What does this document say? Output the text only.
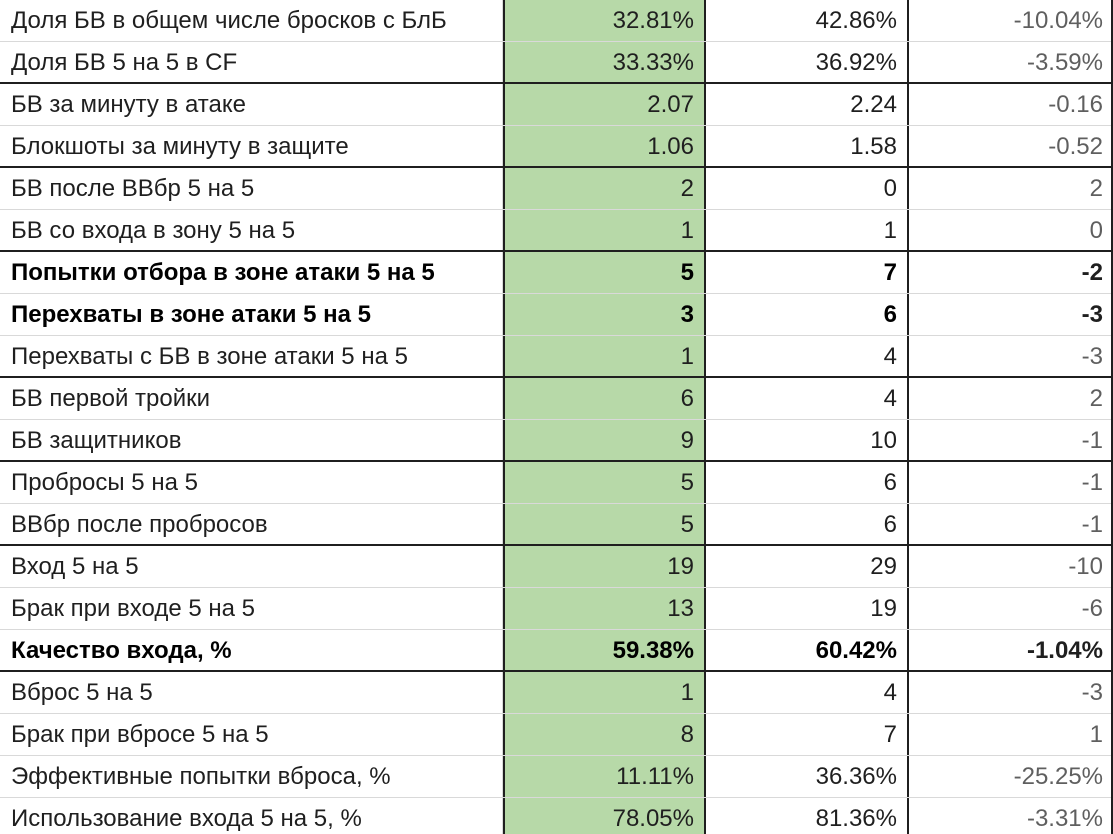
Доля БВ в общем числе бросков с БлБ	32.81%	42.86%	-10.04%
Доля БВ 5 на 5 в CF	33.33%	36.92%	-3.59%
БВ за минуту в атаке	2.07	2.24	-0.16
Блокшоты за минуту в защите	1.06	1.58	-0.52
БВ после ВВбр 5 на 5	2	0	2
БВ со входа в зону 5 на 5	1	1	0
Попытки отбора в зоне атаки 5 на 5	5	7	-2
Перехваты в зоне атаки 5 на 5	3	6	-3
Перехваты с БВ в зоне атаки 5 на 5	1	4	-3
БВ первой тройки	6	4	2
БВ защитников	9	10	-1
Пробросы 5 на 5	5	6	-1
ВВбр после пробросов	5	6	-1
Вход 5 на 5	19	29	-10
Брак при входе 5 на 5	13	19	-6
Качество входа, %	59.38%	60.42%	-1.04%
Вброс 5 на 5	1	4	-3
Брак при вбросе 5 на 5	8	7	1
Эффективные попытки вброса, %	11.11%	36.36%	-25.25%
Использование входа 5 на 5, %	78.05%	81.36%	-3.31%
